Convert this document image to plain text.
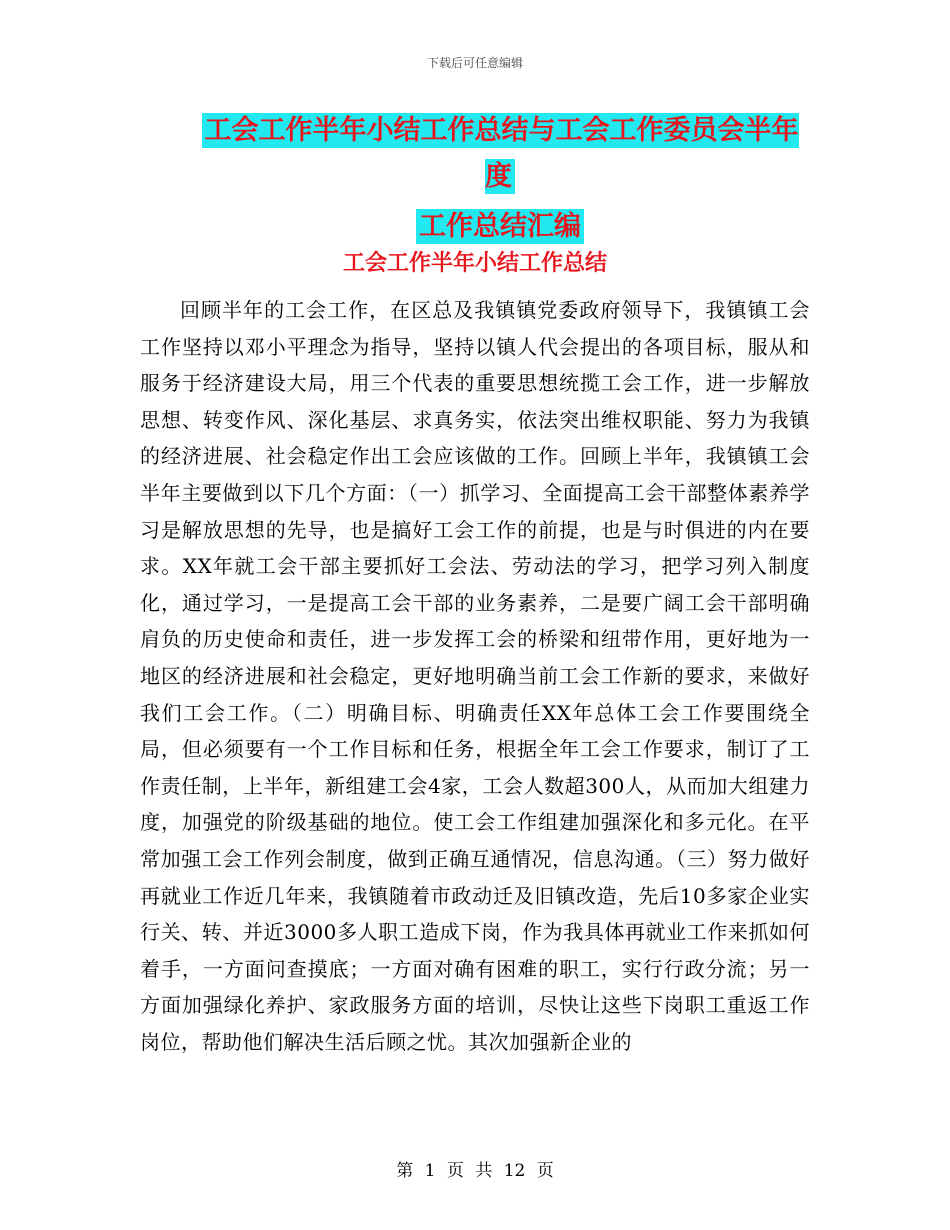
下载后可任意编辑
工会工作半年小结工作总结与工会工作委员会半年度
工作总结汇编
工会工作半年小结工作总结

回顾半年的工会工作，在区总及我镇镇党委政府领导下，我镇镇工会工作坚持以邓小平理念为指导，坚持以镇人代会提出的各项目标，服从和服务于经济建设大局，用三个代表的重要思想统揽工会工作，进一步解放思想、转变作风、深化基层、求真务实，依法突出维权职能、努力为我镇的经济进展、社会稳定作出工会应该做的工作。回顾上半年，我镇镇工会半年主要做到以下几个方面：（一）抓学习、全面提高工会干部整体素养学习是解放思想的先导，也是搞好工会工作的前提，也是与时俱进的内在要求。XX年就工会干部主要抓好工会法、劳动法的学习，把学习列入制度化，通过学习，一是提高工会干部的业务素养，二是要广阔工会干部明确肩负的历史使命和责任，进一步发挥工会的桥梁和纽带作用，更好地为一地区的经济进展和社会稳定，更好地明确当前工会工作新的要求，来做好我们工会工作。（二）明确目标、明确责任XX年总体工会工作要围绕全局，但必须要有一个工作目标和任务，根据全年工会工作要求，制订了工作责任制，上半年，新组建工会4家，工会人数超300人，从而加大组建力度，加强党的阶级基础的地位。使工会工作组建加强深化和多元化。在平常加强工会工作列会制度，做到正确互通情况，信息沟通。（三）努力做好再就业工作近几年来，我镇随着市政动迁及旧镇改造，先后10多家企业实行关、转、并近3000多人职工造成下岗，作为我具体再就业工作来抓如何着手，一方面问查摸底；一方面对确有困难的职工，实行行政分流；另一方面加强绿化养护、家政服务方面的培训，尽快让这些下岗职工重返工作岗位，帮助他们解决生活后顾之忧。其次加强新企业的

第 1 页 共 12 页
